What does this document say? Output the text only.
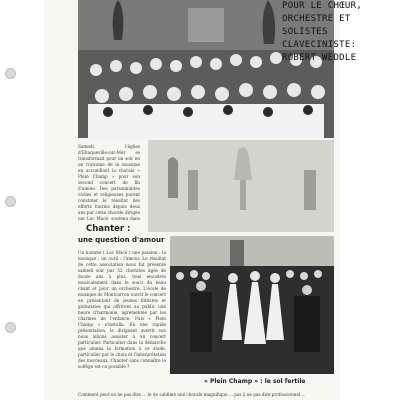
Samedi, l'église d'Ehuqueville-sur-Mer se transformait pour un soir en un royaume de la musique en accueillant la chorale « Plein Champ » pour son second concert de fin d'année. Des personnalités civiles et religieuses purent constater le résultat des efforts fournis depuis deux ans par cette chorale dirigée par Luc Macé, soutenu dans
Chanter :
une question d'amour
Un homme ( Luc Macé ) une passion : la musique ; un outil : l'amour. Le résultat de cette association nous fut présenté samedi soir par 52 choristes âgés de douze ans à plus, tous encadrés musicalement dans le souci du beau chant et pour un orchestre. L'école de musique de Montcarron ouvrit le concert en présentant de jeunes flûtistes et guitaristes qui offrirent au public une heure d'harmonie, agrémentée par les charmes de l'enfance. Puis « Plein Champ » s'installa. En une rapide présentation, le dirigeant avertit son nous allions assister à un concert particulier. Particulier dans la démarche que amena la formation à ce stade, particulier par le choix et l'interprétation des morceaux. Chanter sans connaître le solfège est-ce possible ?
« Plein Champ » : le sol fertile
Comment peut-on ne pas dire ... le de sublime une chorale magnifique ... pas à ne pas dire professionnel ...
POUR LE CHŒUR,
ORCHESTRE ET
SOLISTES
CLAVECINISTE:
ROBERT WEDDLE
